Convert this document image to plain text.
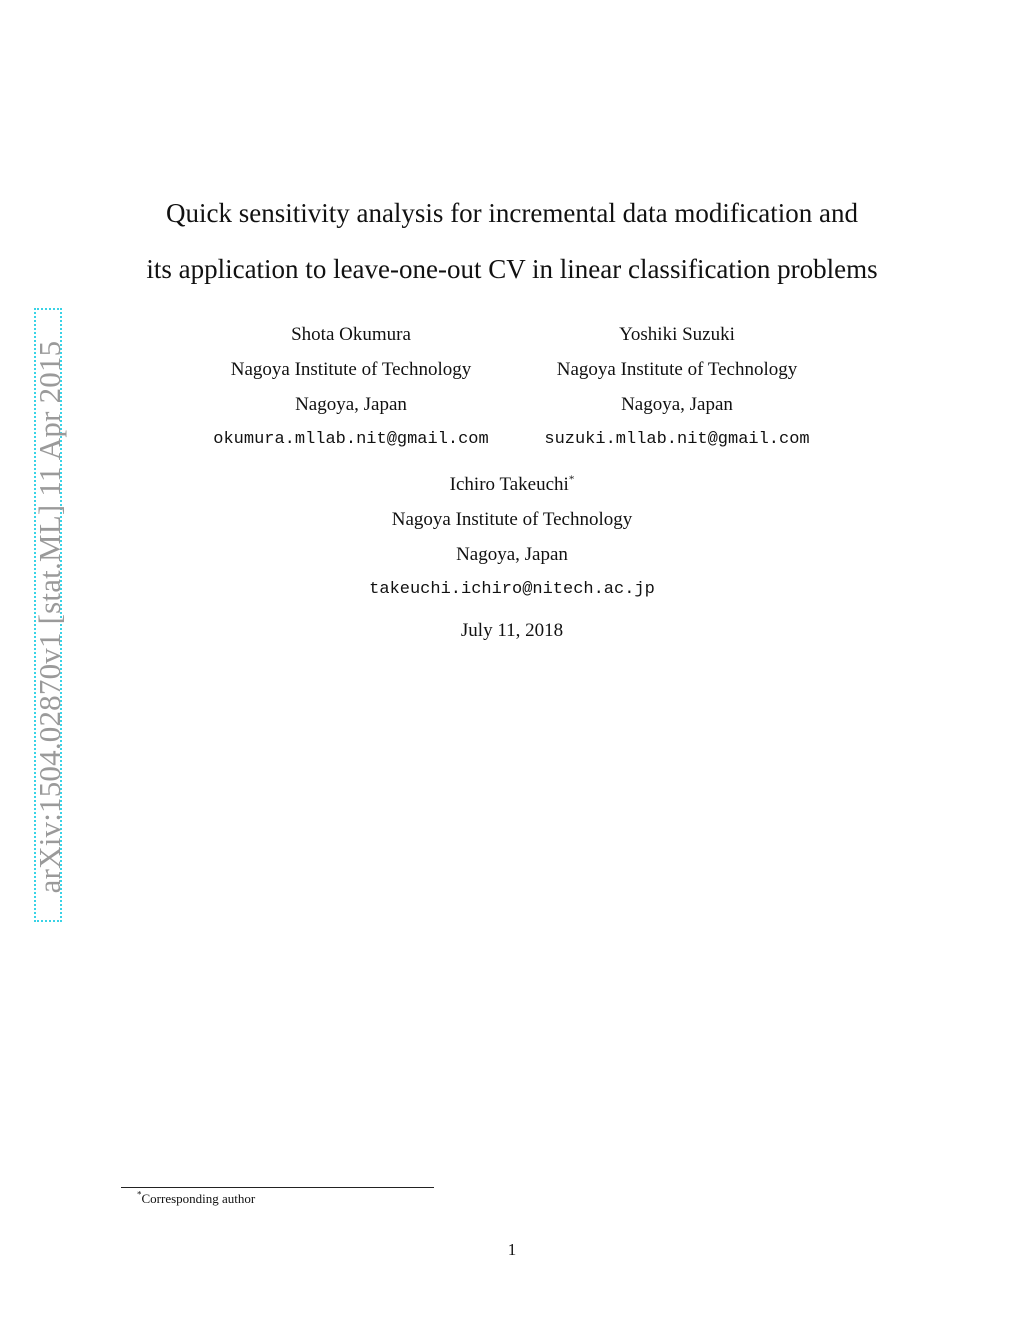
arXiv:1504.02870v1 [stat.ML] 11 Apr 2015
Quick sensitivity analysis for incremental data modification and
its application to leave-one-out CV in linear classification problems
Shota Okumura
Nagoya Institute of Technology
Nagoya, Japan
okumura.mllab.nit@gmail.com
Yoshiki Suzuki
Nagoya Institute of Technology
Nagoya, Japan
suzuki.mllab.nit@gmail.com
Ichiro Takeuchi*
Nagoya Institute of Technology
Nagoya, Japan
takeuchi.ichiro@nitech.ac.jp
July 11, 2018
*Corresponding author
1
